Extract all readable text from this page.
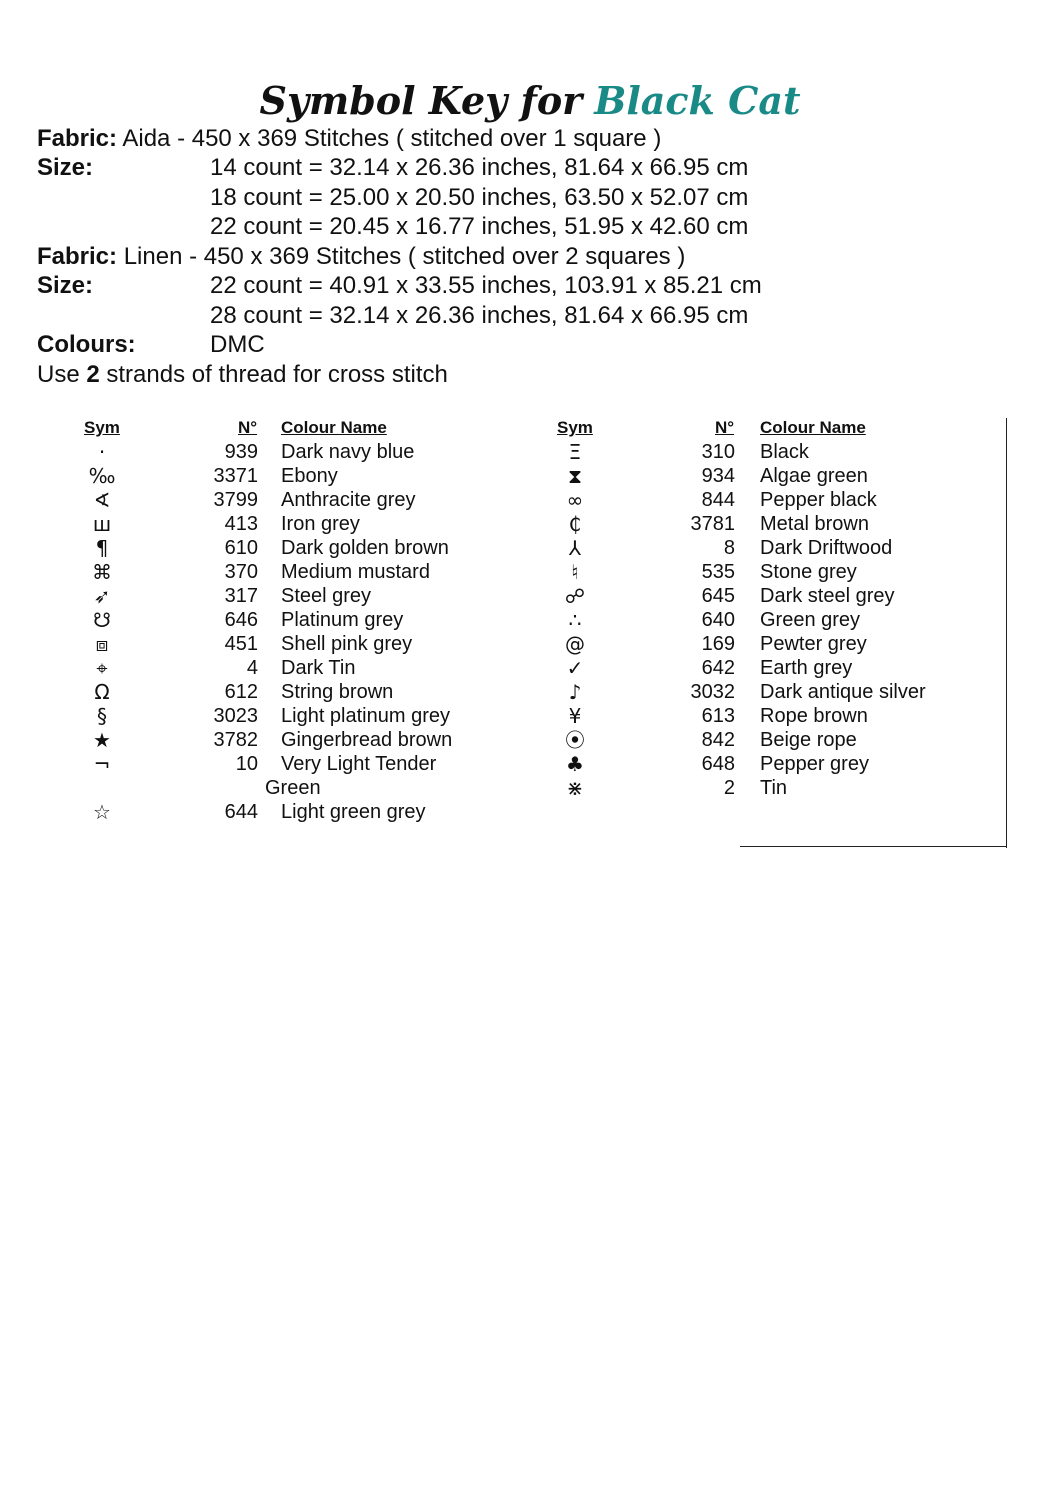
Symbol Key for Black Cat
Fabric: Aida - 450 x 369 Stitches ( stitched over 1 square )
Size:	14 count = 32.14 x 26.36 inches, 81.64 x 66.95 cm
18 count = 25.00 x 20.50 inches, 63.50 x 52.07 cm
22 count = 20.45 x 16.77 inches, 51.95 x 42.60 cm
Fabric: Linen - 450 x 369 Stitches ( stitched over 2 squares )
Size:	22 count = 40.91 x 33.55 inches, 103.91 x 85.21 cm
28 count = 32.14 x 26.36 inches, 81.64 x 66.95 cm
Colours:	DMC
Use 2 strands of thread for cross stitch
Sym	N° Colour Name	Sym	N° Colour Name
·	939 Dark navy blue
‰	3371 Ebony
∢	3799 Anthracite grey
ш	413 Iron grey
¶	610 Dark golden brown
⌘	370 Medium mustard
➶	317 Steel grey
☋	646 Platinum grey
⧈	451 Shell pink grey
⌖	4 Dark Tin
Ω	612 String brown
§	3023 Light platinum grey
★	3782 Gingerbread brown
¬	10 Very Light Tender
Green
☆	644 Light green grey
Ξ	310 Black
⧗	934 Algae green
∞	844 Pepper black
₵	3781 Metal brown
⅄	8 Dark Driftwood
♮	535 Stone grey
☍	645 Dark steel grey
∴	640 Green grey
@	169 Pewter grey
✓	642 Earth grey
♪	3032 Dark antique silver
¥	613 Rope brown
⦿	842 Beige rope
♣	648 Pepper grey
⋇	2 Tin
